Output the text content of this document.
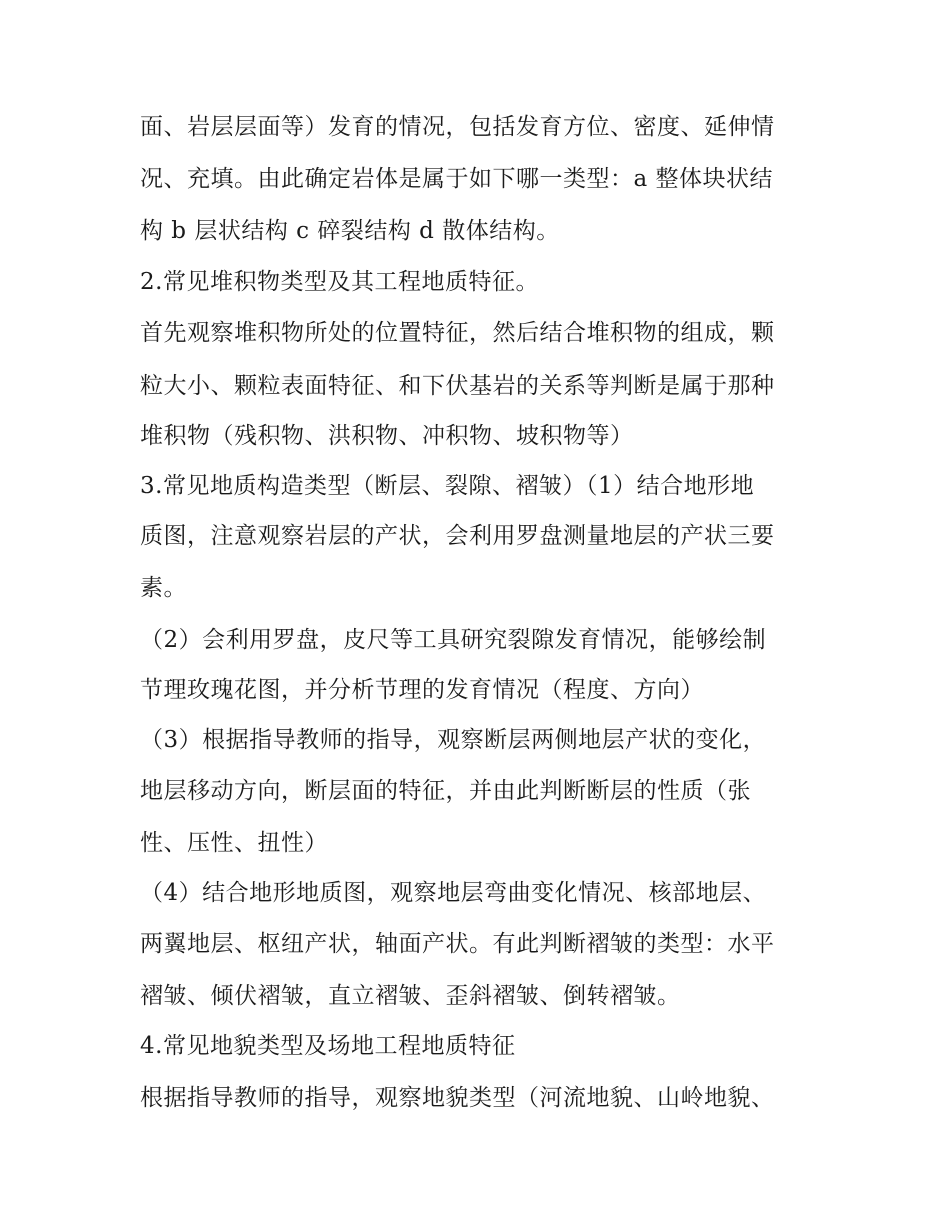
面、岩层层面等）发育的情况，包括发育方位、密度、延伸情
况、充填。由此确定岩体是属于如下哪一类型：a 整体块状结
构 b 层状结构 c 碎裂结构 d 散体结构。
2.常见堆积物类型及其工程地质特征。
首先观察堆积物所处的位置特征，然后结合堆积物的组成，颗
粒大小、颗粒表面特征、和下伏基岩的关系等判断是属于那种
堆积物（残积物、洪积物、冲积物、坡积物等）
3.常见地质构造类型（断层、裂隙、褶皱）（1）结合地形地
质图，注意观察岩层的产状，会利用罗盘测量地层的产状三要
素。
（2）会利用罗盘，皮尺等工具研究裂隙发育情况，能够绘制
节理玫瑰花图，并分析节理的发育情况（程度、方向）
（3）根据指导教师的指导，观察断层两侧地层产状的变化，
地层移动方向，断层面的特征，并由此判断断层的性质（张
性、压性、扭性）
（4）结合地形地质图，观察地层弯曲变化情况、核部地层、
两翼地层、枢纽产状，轴面产状。有此判断褶皱的类型：水平
褶皱、倾伏褶皱，直立褶皱、歪斜褶皱、倒转褶皱。
4.常见地貌类型及场地工程地质特征
根据指导教师的指导，观察地貌类型（河流地貌、山岭地貌、
